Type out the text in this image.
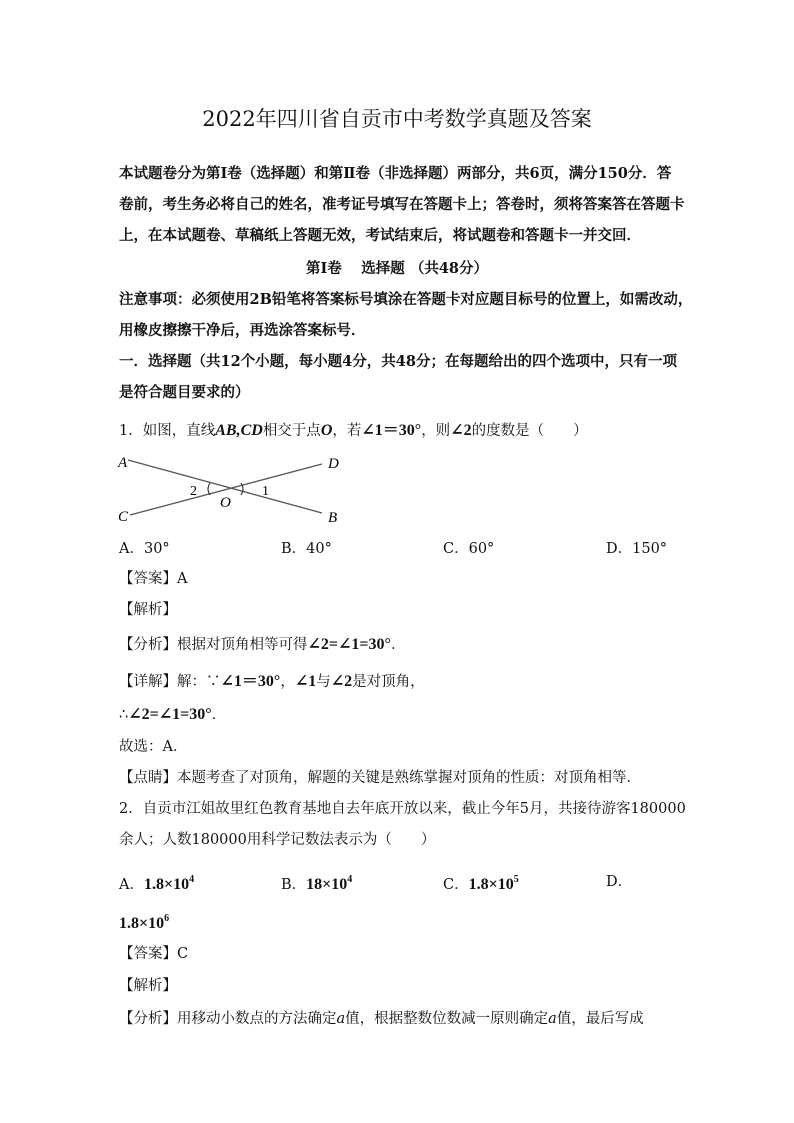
2022年四川省自贡市中考数学真题及答案
本试题卷分为第Ⅰ卷（选择题）和第Ⅱ卷（非选择题）两部分，共6页，满分150分．答
卷前，考生务必将自己的姓名，准考证号填写在答题卡上；答卷时，须将答案答在答题卡
上，在本试题卷、草稿纸上答题无效，考试结束后，将试题卷和答题卡一并交回．
第Ⅰ卷　 选择题 （共48分）
注意事项：必须使用2B铅笔将答案标号填涂在答题卡对应题目标号的位置上，如需改动，
用橡皮擦擦干净后，再选涂答案标号．
一．选择题（共12个小题，每小题4分，共48分；在每题给出的四个选项中，只有一项
是符合题目要求的）
1．如图，直线AB,CD相交于点O，若∠1＝30°，则∠2的度数是（　　）
A	D
C	B
O
2	1
A．30°	B．40°	C．60°	D．150°
【答案】A
【解析】
【分析】根据对顶角相等可得∠2=∠1=30°．
【详解】解：∵∠1＝30°，∠1与∠2是对顶角，
∴∠2=∠1=30°．
故选：A．
【点睛】本题考查了对顶角，解题的关键是熟练掌握对顶角的性质：对顶角相等．
2．自贡市江姐故里红色教育基地自去年底开放以来，截止今年5月，共接待游客180000
余人；人数180000用科学记数法表示为（　　）
A．$1.8\times 10^4$	B．$18\times 10^4$	C．$1.8\times 10^5$	D．
$1.8\times 10^6$
【答案】C
【解析】
【分析】用移动小数点的方法确定a值，根据整数位数减一原则确定a值，最后写成
